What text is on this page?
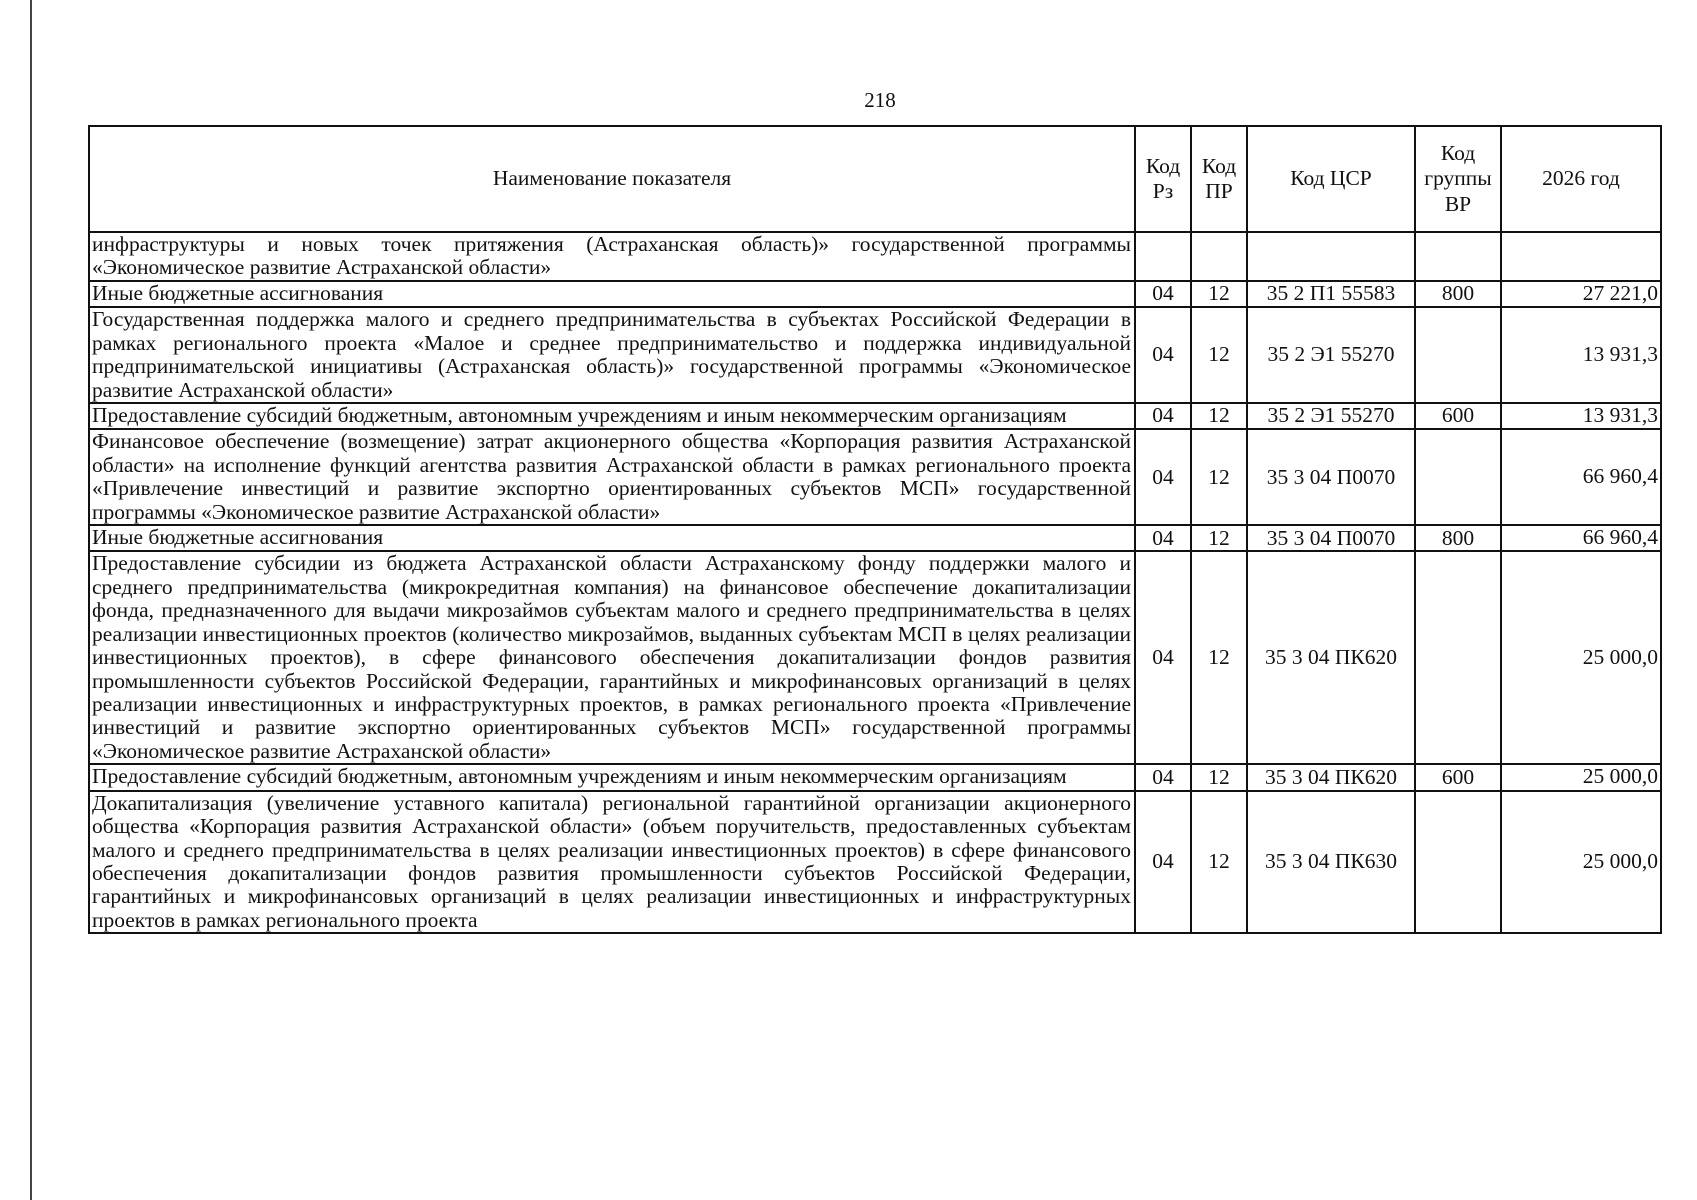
218
Наименование показателя	Код Рз	Код ПР	Код ЦСР	Код группы ВР	2026 год
инфраструктуры и новых точек притяжения (Астраханская область)» государственной программы «Экономическое развитие Астраханской области»					
Иные бюджетные ассигнования	04	12	35 2 П1 55583	800	27 221,0
Государственная поддержка малого и среднего предпринимательства в субъектах Российской Федерации в рамках регионального проекта «Малое и среднее предпринимательство и поддержка индивидуальной предпринимательской инициативы (Астраханская область)» государственной программы «Экономическое развитие Астраханской области»	04	12	35 2 Э1 55270		13 931,3
Предоставление субсидий бюджетным, автономным учреждениям и иным некоммерческим организациям	04	12	35 2 Э1 55270	600	13 931,3
Финансовое обеспечение (возмещение) затрат акционерного общества «Корпорация развития Астраханской области» на исполнение функций агентства развития Астраханской области в рамках регионального проекта «Привлечение инвестиций и развитие экспортно ориентированных субъектов МСП» государственной программы «Экономическое развитие Астраханской области»	04	12	35 3 04 П0070		66 960,4
Иные бюджетные ассигнования	04	12	35 3 04 П0070	800	66 960,4
Предоставление субсидии из бюджета Астраханской области Астраханскому фонду поддержки малого и среднего предпринимательства (микрокредитная компания) на финансовое обеспечение докапитализации фонда, предназначенного для выдачи микрозаймов субъектам малого и среднего предпринимательства в целях реализации инвестиционных проектов (количество микрозаймов, выданных субъектам МСП в целях реализации инвестиционных проектов), в сфере финансового обеспечения докапитализации фондов развития промышленности субъектов Российской Федерации, гарантийных и микрофинансовых организаций в целях реализации инвестиционных и инфраструктурных проектов, в рамках регионального проекта «Привлечение инвестиций и развитие экспортно ориентированных субъектов МСП» государственной программы «Экономическое развитие Астраханской области»	04	12	35 3 04 ПК620		25 000,0
Предоставление субсидий бюджетным, автономным учреждениям и иным некоммерческим организациям	04	12	35 3 04 ПК620	600	25 000,0
Докапитализация (увеличение уставного капитала) региональной гарантийной организации акционерного общества «Корпорация развития Астраханской области» (объем поручительств, предоставленных субъектам малого и среднего предпринимательства в целях реализации инвестиционных проектов) в сфере финансового обеспечения докапитализации фондов развития промышленности субъектов Российской Федерации, гарантийных и микрофинансовых организаций в целях реализации инвестиционных и инфраструктурных проектов в рамках регионального проекта	04	12	35 3 04 ПК630		25 000,0
